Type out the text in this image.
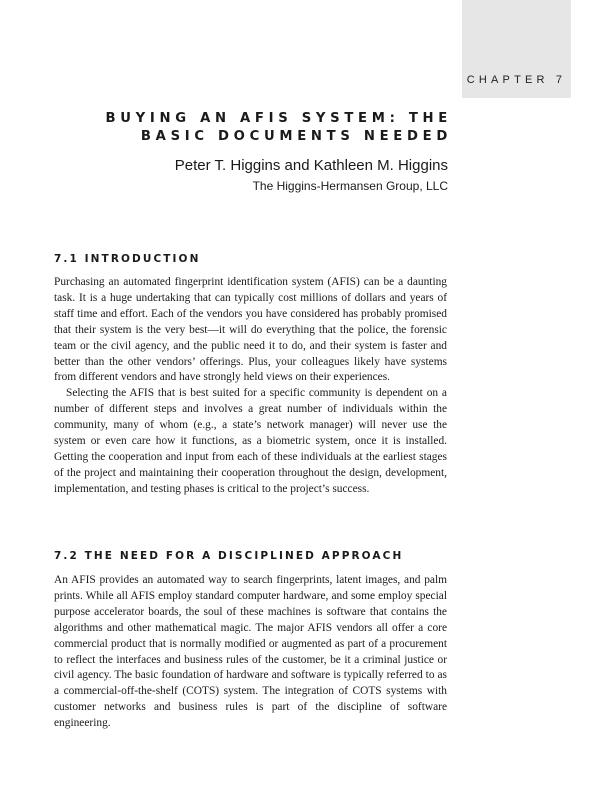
CHAPTER 7
BUYING AN AFIS SYSTEM: THE
BASIC DOCUMENTS NEEDED
Peter T. Higgins and Kathleen M. Higgins
The Higgins-Hermansen Group, LLC
7.1 INTRODUCTION

Purchasing an automated fingerprint identification system (AFIS) can be a daunting task. It is a huge undertaking that can typically cost millions of dollars and years of staff time and effort. Each of the vendors you have considered has probably promised that their system is the very best—it will do everything that the police, the forensic team or the civil agency, and the public need it to do, and their system is faster and better than the other vendors’ offerings. Plus, your colleagues likely have systems from different vendors and have strongly held views on their experiences.

Selecting the AFIS that is best suited for a specific community is dependent on a number of different steps and involves a great number of individuals within the community, many of whom (e.g., a state’s network manager) will never use the system or even care how it functions, as a biometric system, once it is installed. Getting the cooperation and input from each of these individuals at the earliest stages of the project and maintaining their cooperation throughout the design, development, implementation, and testing phases is critical to the project’s success.

7.2 THE NEED FOR A DISCIPLINED APPROACH

An AFIS provides an automated way to search fingerprints, latent images, and palm prints. While all AFIS employ standard computer hardware, and some employ special purpose accelerator boards, the soul of these machines is software that contains the algorithms and other mathematical magic. The major AFIS vendors all offer a core commercial product that is normally modified or augmented as part of a procurement to reflect the interfaces and business rules of the customer, be it a criminal justice or civil agency. The basic foundation of hardware and software is typically referred to as a commercial-off-the-shelf (COTS) system. The integration of COTS systems with customer networks and business rules is part of the discipline of software engineering.
